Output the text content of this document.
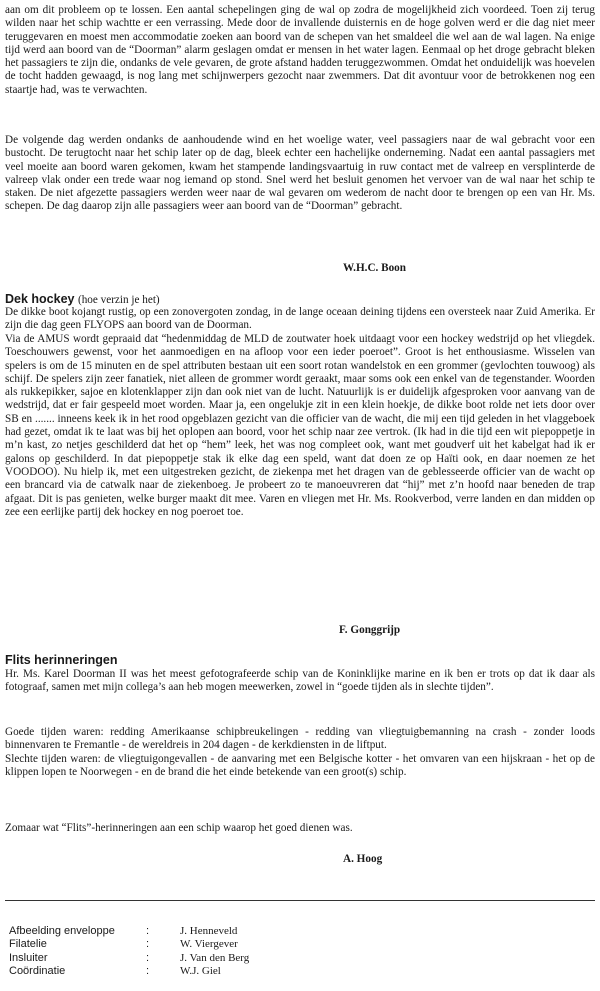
aan om dit probleem op te lossen. Een aantal schepelingen ging de wal op zodra de mogelijkheid zich voordeed. Toen zij terug wilden naar het schip wachtte er een verrassing. Mede door de invallende duisternis en de hoge golven werd er die dag niet meer teruggevaren en moest men accommodatie zoeken aan boord van de schepen van het smaldeel die wel aan de wal lagen. Na enige tijd werd aan boord van de “Doorman” alarm geslagen omdat er mensen in het water lagen. Eenmaal op het droge gebracht bleken het passagiers te zijn die, ondanks de vele gevaren, de grote afstand hadden teruggezwommen. Omdat het onduidelijk was hoevelen de tocht hadden gewaagd, is nog lang met schijnwerpers gezocht naar zwemmers. Dat dit avontuur voor de betrokkenen nog een staartje had, was te verwachten.

De volgende dag werden ondanks de aanhoudende wind en het woelige water, veel passagiers naar de wal gebracht voor een bustocht. De terugtocht naar het schip later op de dag, bleek echter een hachelijke onderneming. Nadat een aantal passagiers met veel moeite aan boord waren gekomen, kwam het stampende landingsvaartuig in ruw contact met de valreep en versplinterde de valreep vlak onder een trede waar nog iemand op stond. Snel werd het besluit genomen het vervoer van de wal naar het schip te staken. De niet afgezette passagiers werden weer naar de wal gevaren om wederom de nacht door te brengen op een van Hr. Ms. schepen. De dag daarop zijn alle passagiers weer aan boord van de “Doorman” gebracht.

W.H.C. Boon

Dek hockey (hoe verzin je het)

De dikke boot kojangt rustig, op een zonovergoten zondag, in de lange oceaan deining tijdens een oversteek naar Zuid Amerika. Er zijn die dag geen FLYOPS aan boord van de Doorman.

Via de AMUS wordt gepraaid dat “hedenmiddag de MLD de zoutwater hoek uitdaagt voor een hockey wedstrijd op het vliegdek. Toeschouwers gewenst, voor het aanmoedigen en na afloop voor een ieder poeroet”. Groot is het enthousiasme. Wisselen van spelers is om de 15 minuten en de spel attributen bestaan uit een soort rotan wandelstok en een grommer (gevlochten touwoog) als schijf. De spelers zijn zeer fanatiek, niet alleen de grommer wordt geraakt, maar soms ook een enkel van de tegenstander. Woorden als rukkepikker, sajoe en klotenklapper zijn dan ook niet van de lucht. Natuurlijk is er duidelijk afgesproken voor aanvang van de wedstrijd, dat er fair gespeeld moet worden. Maar ja, een ongelukje zit in een klein hoekje, de dikke boot rolde net iets door over SB en ....... inneens keek ik in het rood opgeblazen gezicht van die officier van de wacht, die mij een tijd geleden in het vlaggeboek had gezet, omdat ik te laat was bij het oplopen aan boord, voor het schip naar zee vertrok. (Ik had in die tijd een wit piepoppetje in m’n kast, zo netjes geschilderd dat het op “hem” leek, het was nog compleet ook, want met goudverf uit het kabelgat had ik er galons op geschilderd. In dat piepoppetje stak ik elke dag een speld, want dat doen ze op Haïti ook, en daar noemen ze het VOODOO). Nu hielp ik, met een uitgestreken gezicht, de ziekenpa met het dragen van de geblesseerde officier van de wacht op een brancard via de catwalk naar de ziekenboeg. Je probeert zo te manoeuvreren dat “hij” met z’n hoofd naar beneden de trap afgaat. Dit is pas genieten, welke burger maakt dit mee. Varen en vliegen met Hr. Ms. Rookverbod, verre landen en dan midden op zee een eerlijke partij dek hockey en nog poeroet toe.

F. Gonggrijp

Flits herinneringen

Hr. Ms. Karel Doorman II was het meest gefotografeerde schip van de Koninklijke marine en ik ben er trots op dat ik daar als fotograaf, samen met mijn collega’s aan heb mogen meewerken, zowel in “goede tijden als in slechte tijden”.

Goede tijden waren: redding Amerikaanse schipbreukelingen - redding van vliegtuigbemanning na crash - zonder loods binnenvaren te Fremantle - de wereldreis in 204 dagen - de kerkdiensten in de liftput.

Slechte tijden waren: de vliegtuigongevallen - de aanvaring met een Belgische kotter - het omvaren van een hijskraan - het op de klippen lopen te Noorwegen - en de brand die het einde betekende van een groot(s) schip.

Zomaar wat “Flits”-herinneringen aan een schip waarop het goed dienen was.

A. Hoog

Afbeelding enveloppe	:	J. Henneveld
Filatelie	:	W. Viergever
Insluiter	:	J. Van den Berg
Coördinatie	:	W.J. Giel
